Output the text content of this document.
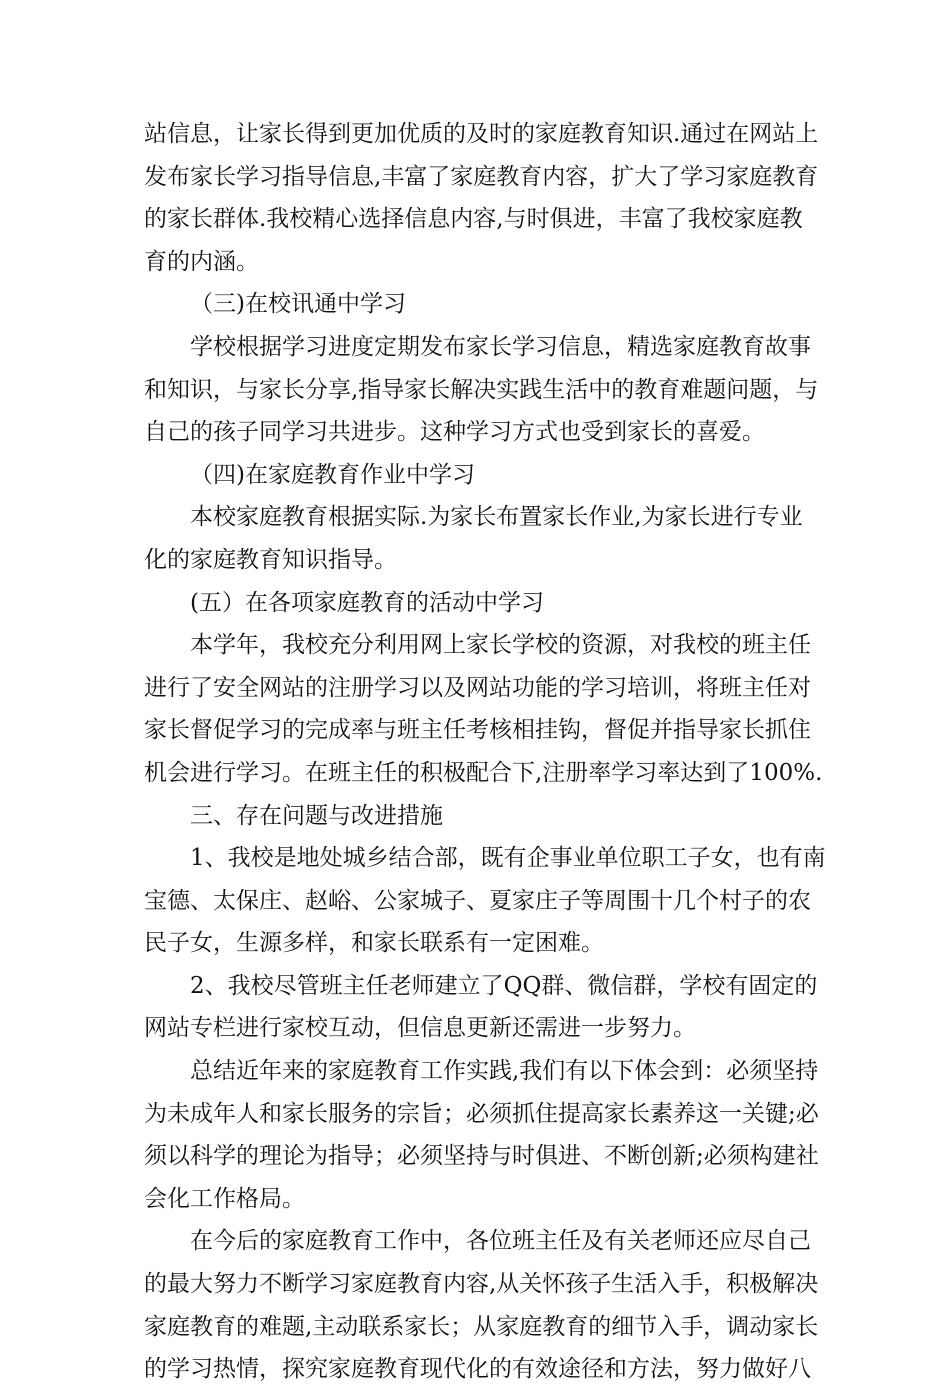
站信息，让家长得到更加优质的及时的家庭教育知识.通过在网站上
发布家长学习指导信息,丰富了家庭教育内容，扩大了学习家庭教育
的家长群体.我校精心选择信息内容,与时俱进，丰富了我校家庭教
育的内涵。
（三)在校讯通中学习
学校根据学习进度定期发布家长学习信息，精选家庭教育故事
和知识，与家长分享,指导家长解决实践生活中的教育难题问题，与
自己的孩子同学习共进步。这种学习方式也受到家长的喜爱。
（四)在家庭教育作业中学习
本校家庭教育根据实际.为家长布置家长作业,为家长进行专业
化的家庭教育知识指导。
(五）在各项家庭教育的活动中学习
本学年，我校充分利用网上家长学校的资源，对我校的班主任
进行了安全网站的注册学习以及网站功能的学习培训，将班主任对
家长督促学习的完成率与班主任考核相挂钩，督促并指导家长抓住
机会进行学习。在班主任的积极配合下,注册率学习率达到了100%.
三、存在问题与改进措施
1、我校是地处城乡结合部，既有企事业单位职工子女，也有南
宝德、太保庄、赵峪、公家城子、夏家庄子等周围十几个村子的农
民子女，生源多样，和家长联系有一定困难。
2、我校尽管班主任老师建立了QQ群、微信群，学校有固定的
网站专栏进行家校互动，但信息更新还需进一步努力。
总结近年来的家庭教育工作实践,我们有以下体会到：必须坚持
为未成年人和家长服务的宗旨；必须抓住提高家长素养这一关键;必
须以科学的理论为指导；必须坚持与时俱进、不断创新;必须构建社
会化工作格局。
在今后的家庭教育工作中，各位班主任及有关老师还应尽自己
的最大努力不断学习家庭教育内容,从关怀孩子生活入手，积极解决
家庭教育的难题,主动联系家长；从家庭教育的细节入手，调动家长
的学习热情，探究家庭教育现代化的有效途径和方法，努力做好八
